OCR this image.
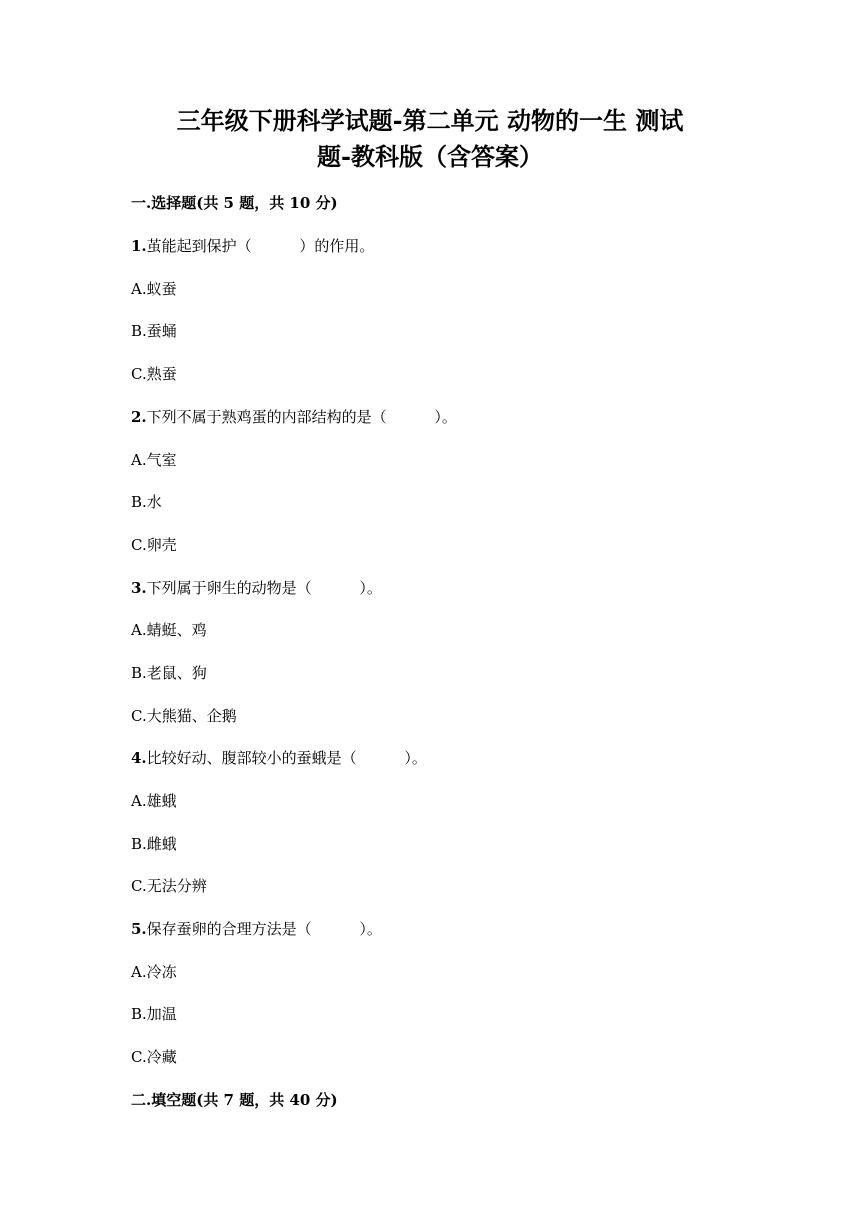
三年级下册科学试题-第二单元 动物的一生 测试
题-教科版（含答案）
一.选择题(共 5 题，共 10 分)
1.茧能起到保护（          ）的作用。
A.蚁蚕
B.蚕蛹
C.熟蚕
2.下列不属于熟鸡蛋的内部结构的是（          ）。
A.气室
B.水
C.卵壳
3.下列属于卵生的动物是（          ）。
A.蜻蜓、鸡
B.老鼠、狗
C.大熊猫、企鹅
4.比较好动、腹部较小的蚕蛾是（          ）。
A.雄蛾
B.雌蛾
C.无法分辨
5.保存蚕卵的合理方法是（          ）。
A.冷冻
B.加温
C.冷藏
二.填空题(共 7 题，共 40 分)
